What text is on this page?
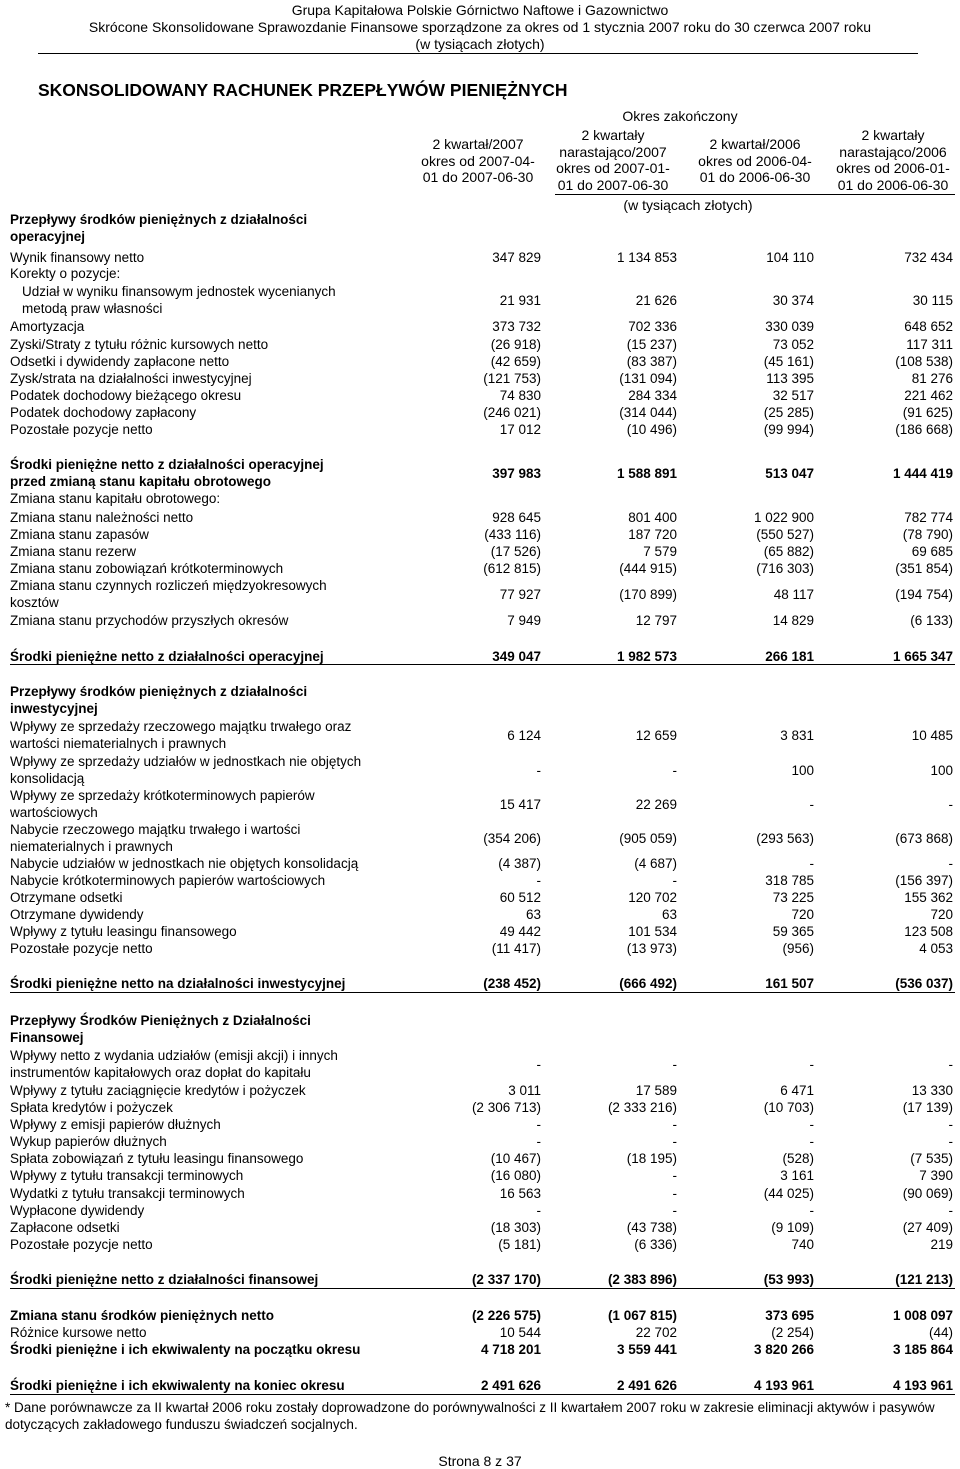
Grupa Kapitałowa Polskie Górnictwo Naftowe i Gazownictwo
Skrócone Skonsolidowane Sprawozdanie Finansowe sporządzone za okres od 1 stycznia 2007 roku do 30 czerwca 2007 roku
(w tysiącach złotych)
SKONSOLIDOWANY RACHUNEK PRZEPŁYWÓW PIENIĘŻNYCH
Okres zakończony
2 kwartał/2007
okres od 2007-04-
01 do 2007-06-30
2 kwartały
narastająco/2007
okres od 2007-01-
01 do 2007-06-30
2 kwartał/2006
okres od 2006-04-
01 do 2006-06-30
2 kwartały
narastająco/2006
okres od 2006-01-
01 do 2006-06-30
(w tysiącach złotych)
Przepływy środków pieniężnych z działalności
operacyjnej
Wynik finansowy netto	347 829	1 134 853	104 110	732 434
Korekty o pozycje:
Udział w wyniku finansowym jednostek wycenianych
metodą praw własności	21 931	21 626	30 374	30 115
Amortyzacja	373 732	702 336	330 039	648 652
Zyski/Straty z tytułu różnic kursowych netto	(26 918)	(15 237)	73 052	117 311
Odsetki i dywidendy zapłacone netto	(42 659)	(83 387)	(45 161)	(108 538)
Zysk/strata na działalności inwestycyjnej	(121 753)	(131 094)	113 395	81 276
Podatek dochodowy bieżącego okresu	74 830	284 334	32 517	221 462
Podatek dochodowy zapłacony	(246 021)	(314 044)	(25 285)	(91 625)
Pozostałe pozycje netto	17 012	(10 496)	(99 994)	(186 668)
Środki pieniężne netto z działalności operacyjnej
przed zmianą stanu kapitału obrotowego	397 983	1 588 891	513 047	1 444 419
Zmiana stanu kapitału obrotowego:
Zmiana stanu należności netto	928 645	801 400	1 022 900	782 774
Zmiana stanu zapasów	(433 116)	187 720	(550 527)	(78 790)
Zmiana stanu rezerw	(17 526)	7 579	(65 882)	69 685
Zmiana stanu zobowiązań krótkoterminowych	(612 815)	(444 915)	(716 303)	(351 854)
Zmiana stanu czynnych rozliczeń międzyokresowych
kosztów	77 927	(170 899)	48 117	(194 754)
Zmiana stanu przychodów przyszłych okresów	7 949	12 797	14 829	(6 133)
Środki pieniężne netto z działalności operacyjnej	349 047	1 982 573	266 181	1 665 347
Przepływy środków pieniężnych z działalności
inwestycyjnej
Wpływy ze sprzedaży rzeczowego majątku trwałego oraz
wartości niematerialnych i prawnych	6 124	12 659	3 831	10 485
Wpływy ze sprzedaży udziałów w jednostkach nie objętych
konsolidacją	-	-	100	100
Wpływy ze sprzedaży krótkoterminowych papierów
wartościowych	15 417	22 269	-	-
Nabycie rzeczowego majątku trwałego i wartości
niematerialnych i prawnych	(354 206)	(905 059)	(293 563)	(673 868)
Nabycie udziałów w jednostkach nie objętych konsolidacją	(4 387)	(4 687)	-	-
Nabycie krótkoterminowych papierów wartościowych	-	-	318 785	(156 397)
Otrzymane odsetki	60 512	120 702	73 225	155 362
Otrzymane dywidendy	63	63	720	720
Wpływy z tytułu leasingu finansowego	49 442	101 534	59 365	123 508
Pozostałe pozycje netto	(11 417)	(13 973)	(956)	4 053
Środki pieniężne netto na działalności inwestycyjnej	(238 452)	(666 492)	161 507	(536 037)
Przepływy Środków Pieniężnych z Działalności
Finansowej
Wpływy netto z wydania udziałów (emisji akcji) i innych
instrumentów kapitałowych oraz dopłat do kapitału	-	-	-	-
Wpływy z tytułu zaciągnięcie kredytów i pożyczek	3 011	17 589	6 471	13 330
Spłata kredytów i pożyczek	(2 306 713)	(2 333 216)	(10 703)	(17 139)
Wpływy z emisji papierów dłużnych	-	-	-	-
Wykup papierów dłużnych	-	-	-	-
Spłata zobowiązań z tytułu leasingu finansowego	(10 467)	(18 195)	(528)	(7 535)
Wpływy z tytułu transakcji terminowych	(16 080)	-	3 161	7 390
Wydatki z tytułu transakcji terminowych	16 563	-	(44 025)	(90 069)
Wypłacone dywidendy	-	-	-	-
Zapłacone odsetki	(18 303)	(43 738)	(9 109)	(27 409)
Pozostałe pozycje netto	(5 181)	(6 336)	740	219
Środki pieniężne netto z działalności finansowej	(2 337 170)	(2 383 896)	(53 993)	(121 213)
Zmiana stanu środków pieniężnych netto	(2 226 575)	(1 067 815)	373 695	1 008 097
Różnice kursowe netto	10 544	22 702	(2 254)	(44)
Środki pieniężne i ich ekwiwalenty na początku okresu	4 718 201	3 559 441	3 820 266	3 185 864
Środki pieniężne i ich ekwiwalenty na koniec okresu	2 491 626	2 491 626	4 193 961	4 193 961
* Dane porównawcze za II kwartał 2006 roku zostały doprowadzone do porównywalności z II kwartałem 2007 roku w zakresie eliminacji aktywów i pasywów dotyczących zakładowego funduszu świadczeń socjalnych.
Strona 8 z 37
